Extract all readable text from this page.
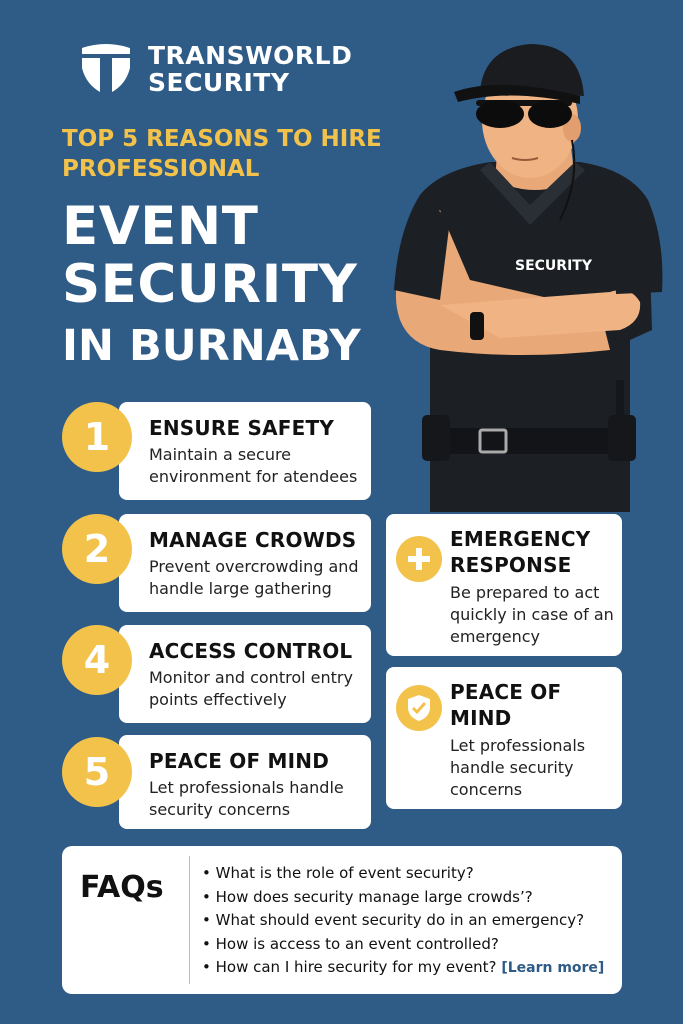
TRANSWORLD
SECURITY
TOP 5 REASONS TO HIRE PROFESSIONAL
EVENT
SECURITY
IN BURNABY
SECURITY
ENSURE SAFETY

Maintain a secure environment for atendees

1
MANAGE CROWDS

Prevent overcrowding and handle large gathering

2
ACCESS CONTROL

Monitor and control entry points effectively

4
PEACE OF MIND

Let professionals handle security concerns

5
EMERGENCY RESPONSE

Be prepared to act quickly in case of an emergency

PEACE OF MIND

Let professionals handle security concerns

FAQs
•	What is the role of event security?
• How does security manage large crowds’?
• What should event security do in an emergency?
• How is access to an event controlled?
• How can I hire security for my event? [Learn more]
